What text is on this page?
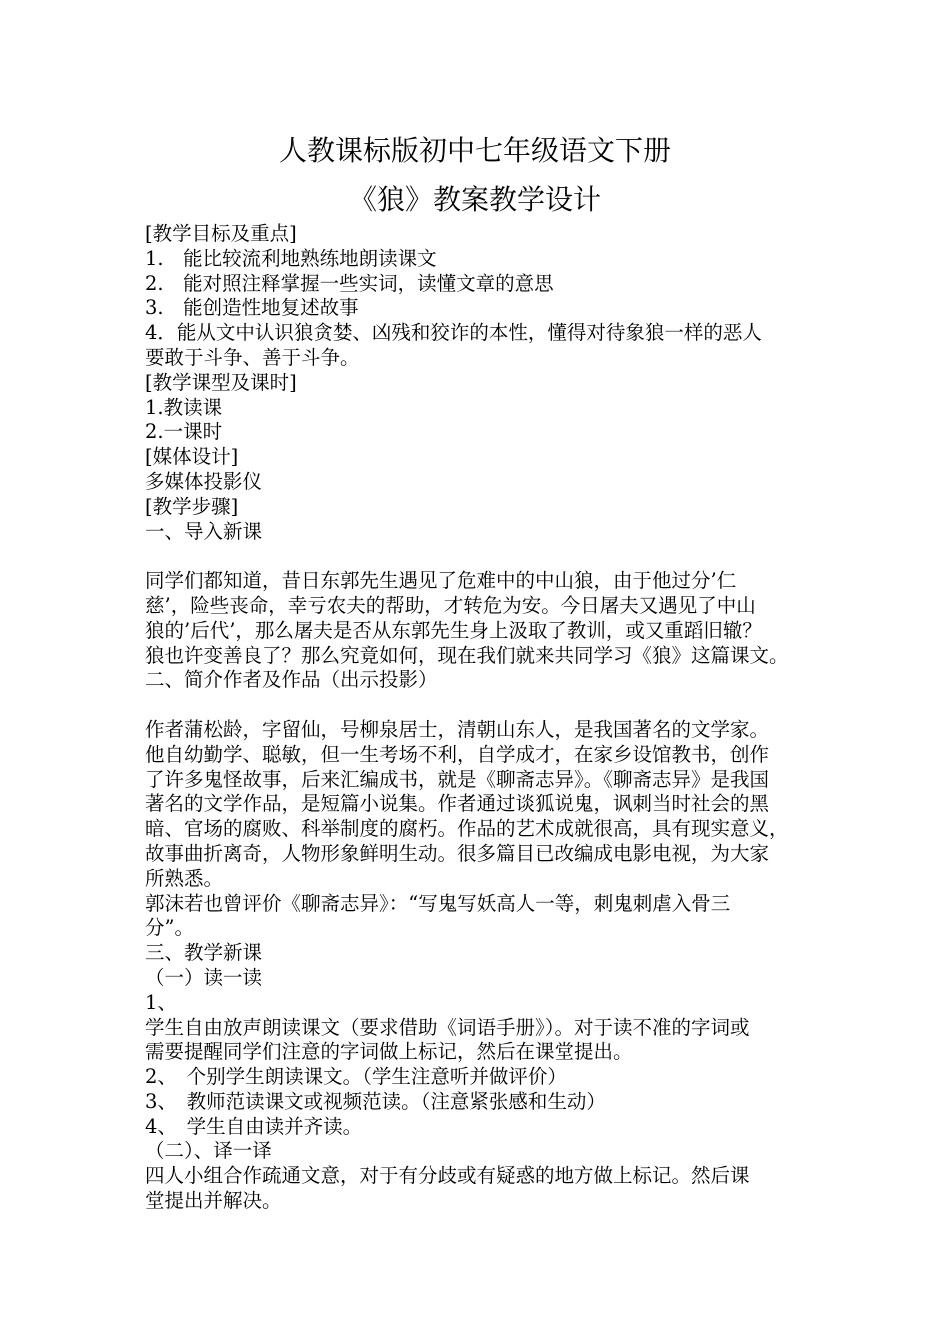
人教课标版初中七年级语文下册
《狼》教案教学设计
[教学目标及重点]
1.　能比较流利地熟练地朗读课文
2.　能对照注释掌握一些实词，读懂文章的意思
3.　能创造性地复述故事
4．能从文中认识狼贪婪、凶残和狡诈的本性，懂得对待象狼一样的恶人
要敢于斗争、善于斗争。
[教学课型及课时]
1.教读课
2.一课时
[媒体设计]
多媒体投影仪
[教学步骤]
一、导入新课
同学们都知道，昔日东郭先生遇见了危难中的中山狼，由于他过分’仁
慈’，险些丧命，幸亏农夫的帮助，才转危为安。今日屠夫又遇见了中山
狼的’后代’，那么屠夫是否从东郭先生身上汲取了教训，或又重蹈旧辙？
狼也许变善良了？那么究竟如何，现在我们就来共同学习《狼》这篇课文。
二、简介作者及作品（出示投影）
作者蒲松龄，字留仙，号柳泉居士，清朝山东人，是我国著名的文学家。
他自幼勤学、聪敏，但一生考场不利，自学成才，在家乡设馆教书，创作
了许多鬼怪故事，后来汇编成书，就是《聊斋志异》。《聊斋志异》是我国
著名的文学作品，是短篇小说集。作者通过谈狐说鬼，讽刺当时社会的黑
暗、官场的腐败、科举制度的腐朽。作品的艺术成就很高，具有现实意义，
故事曲折离奇，人物形象鲜明生动。很多篇目已改编成电影电视，为大家
所熟悉。
郭沫若也曾评价《聊斋志异》：“写鬼写妖高人一等，刺鬼刺虐入骨三
分”。
三、教学新课
（一）读一读
1、
学生自由放声朗读课文（要求借助《词语手册》）。对于读不准的字词或
需要提醒同学们注意的字词做上标记，然后在课堂提出。
2、　个别学生朗读课文。（学生注意听并做评价）
3、　教师范读课文或视频范读。（注意紧张感和生动）
4、　学生自由读并齐读。
（二）、译一译
四人小组合作疏通文意，对于有分歧或有疑惑的地方做上标记。然后课
堂提出并解决。
